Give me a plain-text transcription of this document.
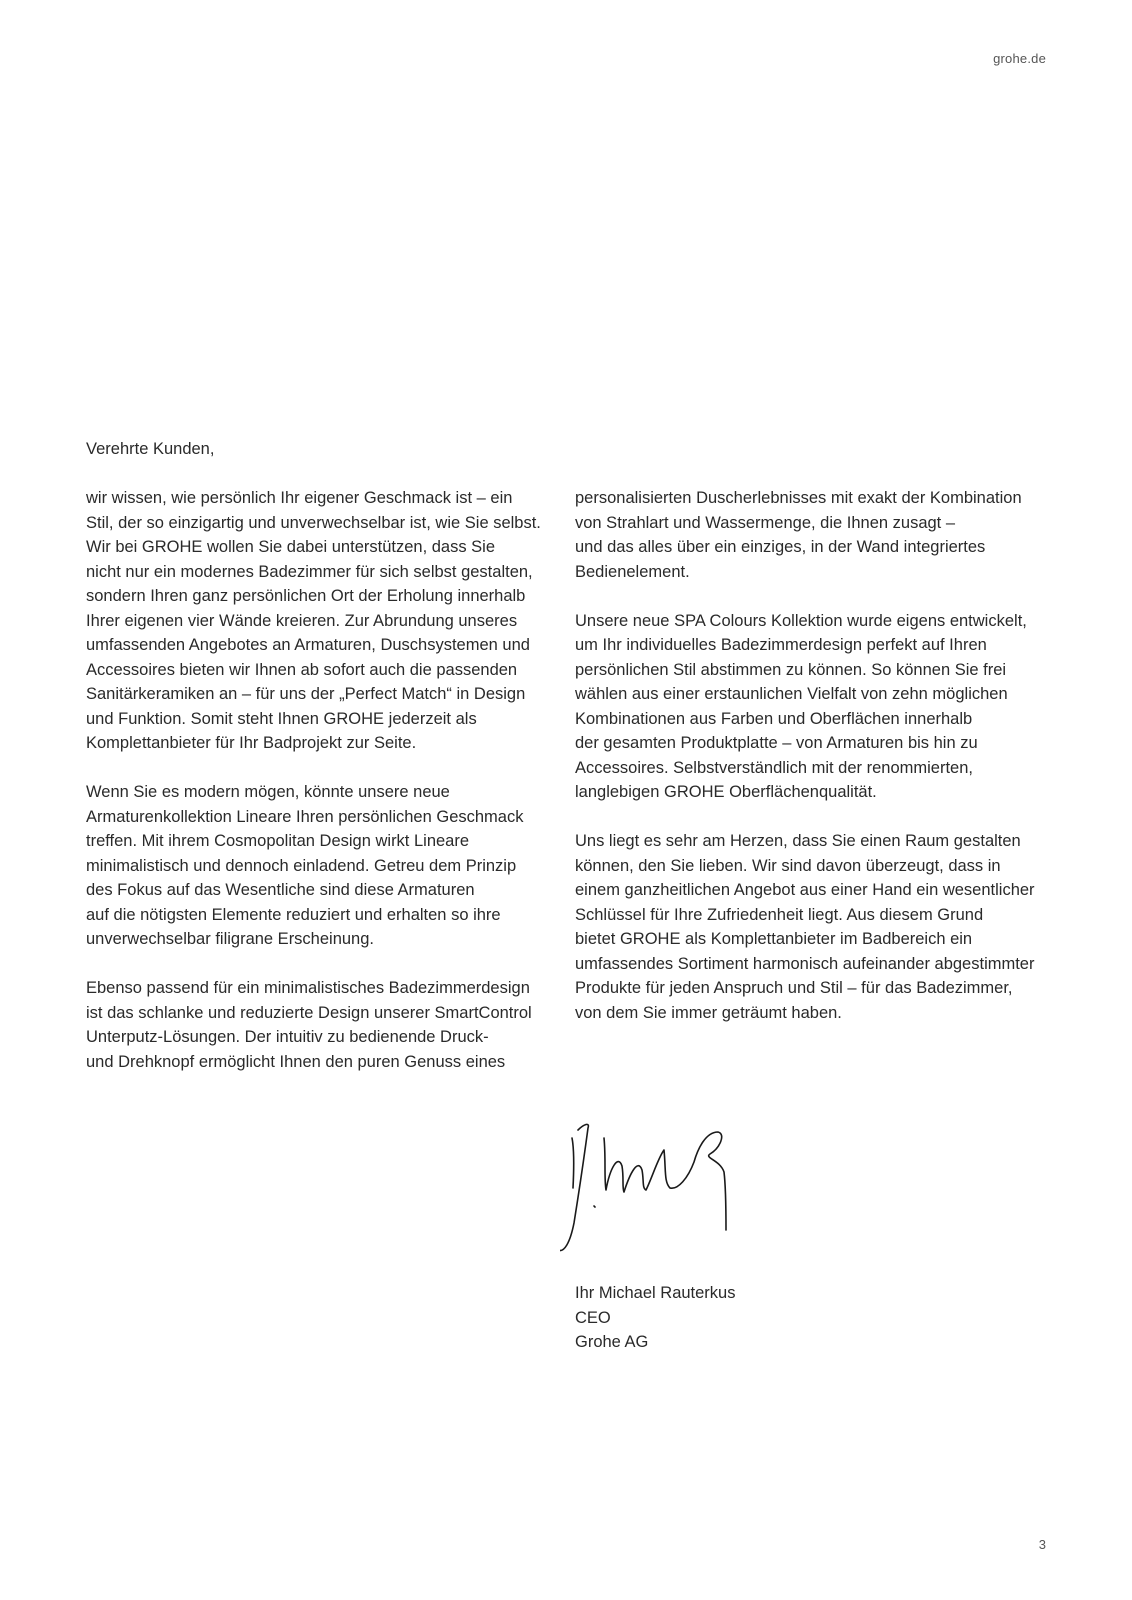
grohe.de

Verehrte Kunden,

wir wissen, wie persönlich Ihr eigener Geschmack ist – ein
Stil, der so einzigartig und unverwechselbar ist, wie Sie selbst.
Wir bei GROHE wollen Sie dabei unterstützen, dass Sie
nicht nur ein modernes Badezimmer für sich selbst gestalten,
sondern Ihren ganz persönlichen Ort der Erholung innerhalb
Ihrer eigenen vier Wände kreieren. Zur Abrundung unseres
umfassenden Angebotes an Armaturen, Duschsystemen und
Accessoires bieten wir Ihnen ab sofort auch die passenden
Sanitärkeramiken an – für uns der „Perfect Match“ in Design
und Funktion. Somit steht Ihnen GROHE jederzeit als
Komplettanbieter für Ihr Badprojekt zur Seite.

Wenn Sie es modern mögen, könnte unsere neue
Armaturenkollektion Lineare Ihren persönlichen Geschmack
treffen. Mit ihrem Cosmopolitan Design wirkt Lineare
minimalistisch und dennoch einladend. Getreu dem Prinzip
des Fokus auf das Wesentliche sind diese Armaturen
auf die nötigsten Elemente reduziert und erhalten so ihre
unverwechselbar filigrane Erscheinung.

Ebenso passend für ein minimalistisches Badezimmerdesign
ist das schlanke und reduzierte Design unserer SmartControl
Unterputz-Lösungen. Der intuitiv zu bedienende Druck-
und Drehknopf ermöglicht Ihnen den puren Genuss eines

personalisierten Duscherlebnisses mit exakt der Kombination
von Strahlart und Wassermenge, die Ihnen zusagt –
und das alles über ein einziges, in der Wand integriertes
Bedienelement.

Unsere neue SPA Colours Kollektion wurde eigens entwickelt,
um Ihr individuelles Badezimmerdesign perfekt auf Ihren
persönlichen Stil abstimmen zu können. So können Sie frei
wählen aus einer erstaunlichen Vielfalt von zehn möglichen
Kombinationen aus Farben und Oberflächen innerhalb
der gesamten Produktplatte – von Armaturen bis hin zu
Accessoires. Selbstverständlich mit der renommierten,
langlebigen GROHE Oberflächenqualität.

Uns liegt es sehr am Herzen, dass Sie einen Raum gestalten
können, den Sie lieben. Wir sind davon überzeugt, dass in
einem ganzheitlichen Angebot aus einer Hand ein wesentlicher
Schlüssel für Ihre Zufriedenheit liegt. Aus diesem Grund
bietet GROHE als Komplettanbieter im Badbereich ein
umfassendes Sortiment harmonisch aufeinander abgestimmter
Produkte für jeden Anspruch und Stil – für das Badezimmer,
von dem Sie immer geträumt haben.

Ihr Michael Rauterkus
CEO
Grohe AG
3
